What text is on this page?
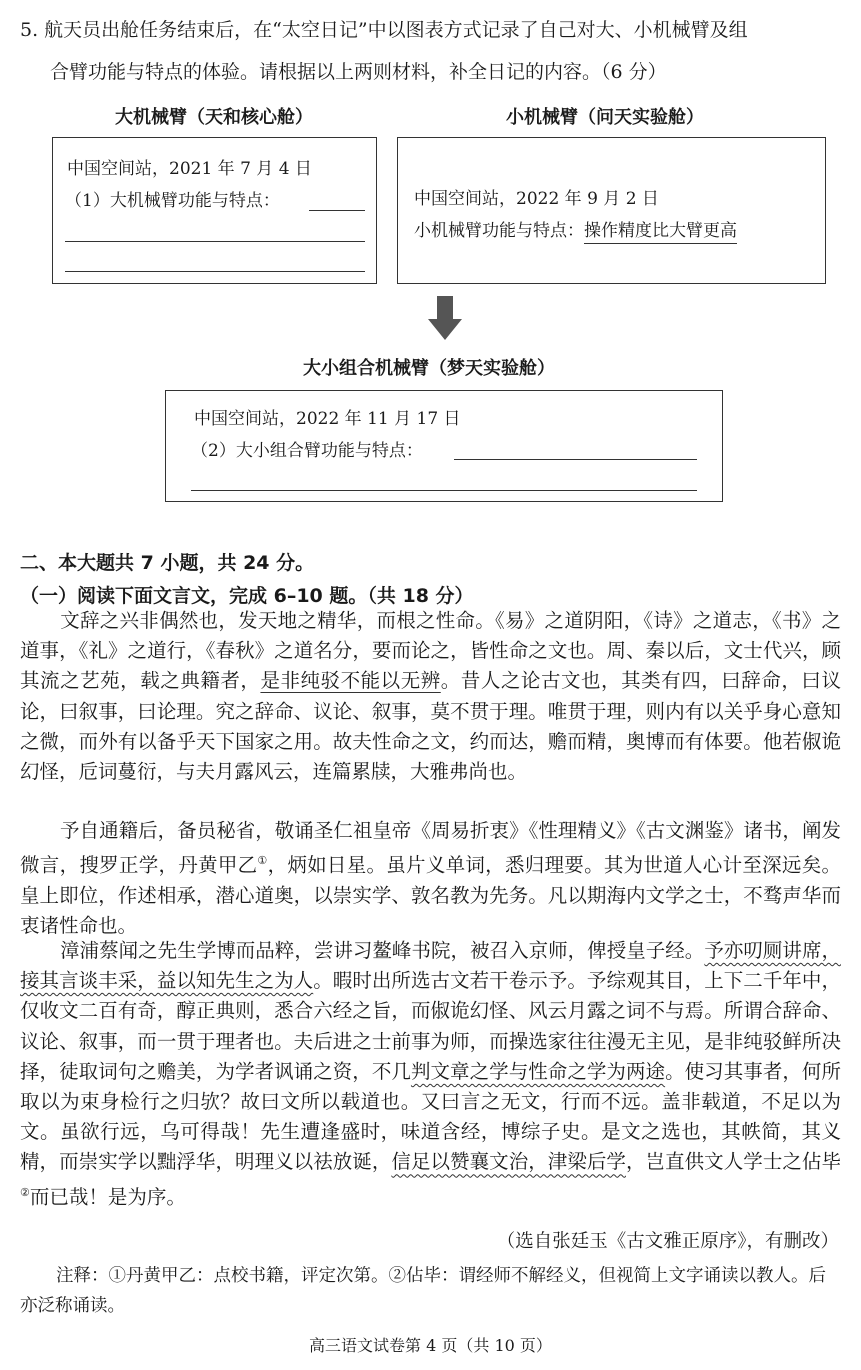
5. 航天员出舱任务结束后，在“太空日记”中以图表方式记录了自己对大、小机械臂及组
合臂功能与特点的体验。请根据以上两则材料，补全日记的内容。（6 分）
大机械臂（天和核心舱）
中国空间站，2021 年 7 月 4 日
（1）大机械臂功能与特点：
小机械臂（问天实验舱）
中国空间站，2022 年 9 月 2 日
小机械臂功能与特点：操作精度比大臂更高
大小组合机械臂（梦天实验舱）
中国空间站，2022 年 11 月 17 日
（2）大小组合臂功能与特点：
二、本大题共 7 小题，共 24 分。
（一）阅读下面文言文，完成 6–10 题。（共 18 分）

文辞之兴非偶然也，发天地之精华，而根之性命。《易》之道阴阳，《诗》之道志，《书》之道事，《礼》之道行，《春秋》之道名分，要而论之，皆性命之文也。周、秦以后，文士代兴，顾其流之艺苑，载之典籍者，是非纯驳不能以无辨。昔人之论古文也，其类有四，曰辞命，曰议论，曰叙事，曰论理。究之辞命、议论、叙事，莫不贯于理。唯贯于理，则内有以关乎身心意知之微，而外有以备乎天下国家之用。故夫性命之文，约而达，赡而精，奥博而有体要。他若俶诡幻怪，卮词蔓衍，与夫月露风云，连篇累牍，大雅弗尚也。

予自通籍后，备员秘省，敬诵圣仁祖皇帝《周易折衷》《性理精义》《古文渊鉴》诸书，阐发微言，搜罗正学，丹黄甲乙①，炳如日星。虽片义单词，悉归理要。其为世道人心计至深远矣。皇上即位，作述相承，潜心道奥，以崇实学、敦名教为先务。凡以期海内文学之士，不骛声华而衷诸性命也。

漳浦蔡闻之先生学博而品粹，尝讲习鳌峰书院，被召入京师，俾授皇子经。予亦叨厕讲席，接其言谈丰采，益以知先生之为人。暇时出所选古文若干卷示予。予综观其目，上下二千年中，仅收文二百有奇，醇正典则，悉合六经之旨，而俶诡幻怪、风云月露之词不与焉。所谓合辞命、议论、叙事，而一贯于理者也。夫后进之士前事为师，而操选家往往漫无主见，是非纯驳鲜所决择，徒取词句之赡美，为学者讽诵之资，不几判文章之学与性命之学为两途。使习其事者，何所取以为束身检行之归欤？故曰文所以载道也。又曰言之无文，行而不远。盖非载道，不足以为文。虽欲行远，乌可得哉！先生遭逢盛时，味道含经，博综子史。是文之选也，其帙简，其义精，而崇实学以黜浮华，明理义以祛放诞，信足以赞襄文治，津梁后学，岂直供文人学士之佔毕②而已哉！是为序。

（选自张廷玉《古文雅正原序》，有删改）
注释：①丹黄甲乙：点校书籍，评定次第。②佔毕：谓经师不解经义，但视简上文字诵读以教人。后
亦泛称诵读。
高三语文试卷第 4 页（共 10 页）
